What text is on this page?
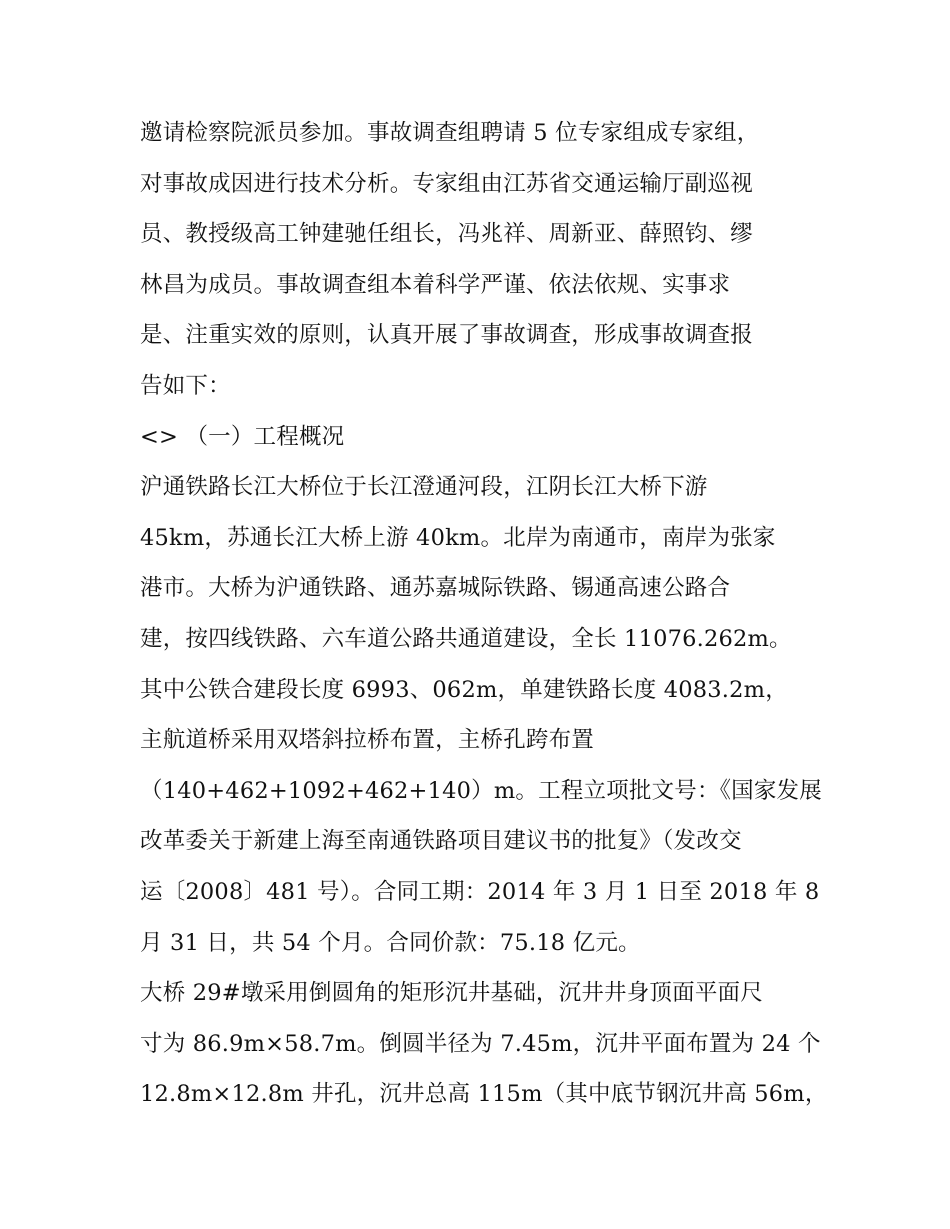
邀请检察院派员参加。事故调查组聘请 5 位专家组成专家组，
对事故成因进行技术分析。专家组由江苏省交通运输厅副巡视
员、教授级高工钟建驰任组长，冯兆祥、周新亚、薛照钧、缪
林昌为成员。事故调查组本着科学严谨、依法依规、实事求
是、注重实效的原则，认真开展了事故调查，形成事故调查报
告如下：
<> （一）工程概况
沪通铁路长江大桥位于长江澄通河段，江阴长江大桥下游
45km，苏通长江大桥上游 40km。北岸为南通市，南岸为张家
港市。大桥为沪通铁路、通苏嘉城际铁路、锡通高速公路合
建，按四线铁路、六车道公路共通道建设，全长 11076.262m。
其中公铁合建段长度 6993、062m，单建铁路长度 4083.2m，
主航道桥采用双塔斜拉桥布置，主桥孔跨布置
（140+462+1092+462+140）m。工程立项批文号：《国家发展
改革委关于新建上海至南通铁路项目建议书的批复》（发改交
运〔2008〕481 号）。合同工期：2014 年 3 月 1 日至 2018 年 8
月 31 日，共 54 个月。合同价款：75.18 亿元。
大桥 29#墩采用倒圆角的矩形沉井基础，沉井井身顶面平面尺
寸为 86.9m×58.7m。倒圆半径为 7.45m，沉井平面布置为 24 个
12.8m×12.8m 井孔，沉井总高 115m（其中底节钢沉井高 56m，
